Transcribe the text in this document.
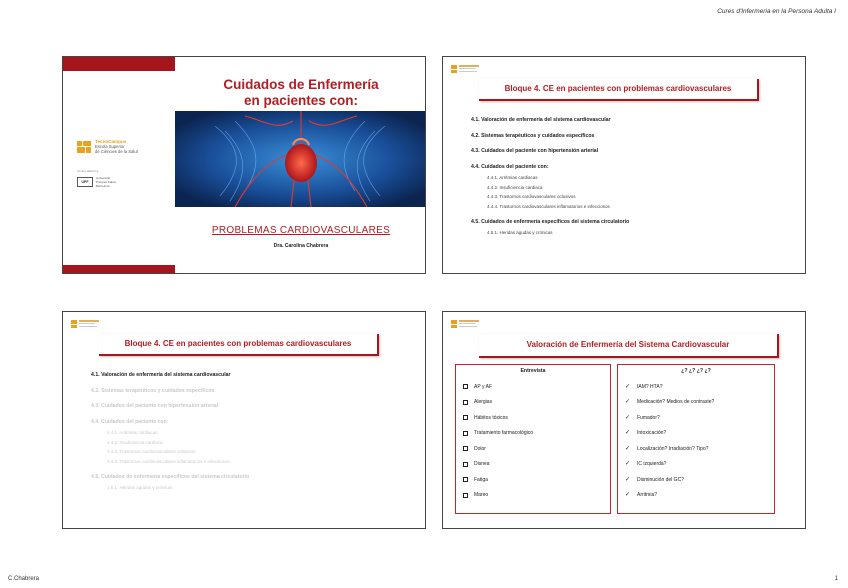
Cures d'Infermeria en la Persona Adulta I
TecnoCampus
Escola Superior
de Ciències de la Salut
Centre adscrit a
UPF
Universitat
Pompeu Fabra
Barcelona
Cuidados de Enfermería
en pacientes con:
PROBLEMAS CARDIOVASCULARES
Dra. Carolina Chabrera
Bloque 4. CE en pacientes con problemas cardiovasculares
4.1. Valoración de enfermería del sistema cardiovascular
4.2. Sistemas terapéuticos y cuidados específicos
4.3. Cuidados del paciente con hipertensión arterial
4.4. Cuidados del paciente con:
4.4.1. Arritmias cardiacas
4.4.2. Insuficiencia cardiaca
4.4.3. Trastornos cardiovasculares oclusivos
4.4.4. Trastornos cardiovasculares inflamatorios e infecciosos
4.5. Cuidados de enfermería específicos del sistema circulatorio
4.5.1. Heridas agudas y crónicas
Bloque 4. CE en pacientes con problemas cardiovasculares
4.1. Valoración de enfermería del sistema cardiovascular
4.2. Sistemas terapéuticos y cuidados específicos
4.3. Cuidados del paciente con hipertensión arterial
4.4. Cuidados del paciente con:
4.4.1. Arritmias cardiacas
4.4.2. Insuficiencia cardiaca
4.4.3. Trastornos cardiovasculares oclusivos
4.4.4. Trastornos cardiovasculares inflamatorios e infecciosos
4.5. Cuidados de enfermería específicos del sistema circulatorio
4.5.1. Heridas agudas y crónicas
Valoración de Enfermería del Sistema Cardiovascular
Entrevista
AP y AF
Alergias
Hábitos tóxicos
Tratamiento farmacológico
Dolor
Disnea
Fatiga
Mareo
¿? ¿? ¿? ¿?
✓ IAM? HTA?
✓ Medicación? Medios de contraste?
✓ Fumador?
✓ Intoxicación?
✓ Localización? Irradiación? Tipo?
✓ IC izquierda?
✓ Disminución del GC?
✓ Arritmia?
C.Chabrera	1
